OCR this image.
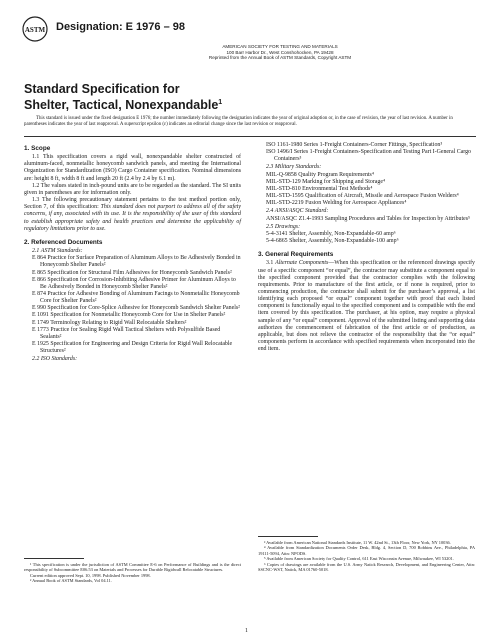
ASTM Designation: E 1976 – 98
AMERICAN SOCIETY FOR TESTING AND MATERIALS
100 Barr Harbor Dr., West Conshohocken, PA 19428
Reprinted from the Annual Book of ASTM Standards, Copyright ASTM
Standard Specification for
Shelter, Tactical, Nonexpandable$^1$
This standard is issued under the fixed designation E 1976; the number immediately following the designation indicates the year of original adoption or, in the case of revision, the year of last revision. A number in parentheses indicates the year of last reapproval. A superscript epsilon (ε) indicates an editorial change since the last revision or reapproval.
1. Scope

1.1 This specification covers a rigid wall, nonexpandable shelter constructed of aluminum-faced, nonmetallic honeycomb sandwich panels, and meeting the International Organization for Standardization (ISO) Cargo Container specification. Nominal dimensions are: height 8 ft, width 8 ft and length 20 ft (2.4 by 2.4 by 6.1 m).

1.2 The values stated in inch-pound units are to be regarded as the standard. The SI units given in parentheses are for information only.

1.3 The following precautionary statement pertains to the test method portion only, Section 7, of this specification: This standard does not purport to address all of the safety concerns, if any, associated with its use. It is the responsibility of the user of this standard to establish appropriate safety and health practices and determine the applicability of regulatory limitations prior to use.

2. Referenced Documents
2.1 ASTM Standards:
E 864 Practice for Surface Preparation of Aluminum Alloys to Be Adhesively Bonded in Honeycomb Shelter Panels²
E 865 Specification for Structural Film Adhesives for Honeycomb Sandwich Panels²
E 866 Specification for Corrosion-Inhibiting Adhesive Primer for Aluminum Alloys to Be Adhesively Bonded in Honeycomb Shelter Panels²
E 874 Practice for Adhesive Bonding of Aluminum Facings to Nonmetallic Honeycomb Core for Shelter Panels²
E 990 Specification for Core-Splice Adhesive for Honeycomb Sandwich Shelter Panels²
E 1091 Specification for Nonmetallic Honeycomb Core for Use in Shelter Panels²
E 1749 Terminology Relating to Rigid Wall Relocatable Shelters²
E 1773 Practice for Sealing Rigid Wall Tactical Shelters with Polysulfide Based Sealants²
E 1925 Specification for Engineering and Design Criteria for Rigid Wall Relocatable Structures²
2.2 ISO Standards:

¹ This specification is under the jurisdiction of ASTM Committee E-6 on Performance of Buildings and is the direct responsibility of Subcommittee E06.53 on Materials and Processes for Durable Rigidwall Relocatable Structures.

Current edition approved Sept. 10, 1998. Published November 1998.

² Annual Book of ASTM Standards, Vol 04.11.

ISO 1161-1980 Series 1-Freight Containers-Corner Fittings, Specification³
ISO 1496/I Series 1-Freight Containers-Specification and Testing Part I-General Cargo Containers³
2.3 Military Standards:
MIL-Q-9858 Quality Program Requirements⁴
MIL-STD-129 Marking for Shipping and Storage⁴
MIL-STD-810 Environmental Test Methods⁴
MIL-STD-1595 Qualification of Aircraft, Missile and Aerospace Fusion Welders⁴
MIL-STD-2219 Fusion Welding for Aerospace Appliances⁴
2.4 ANSI/ASQC Standard:
ANSI/ASQC Z1.4-1993 Sampling Procedures and Tables for Inspection by Attributes⁵
2.5 Drawings:
5-4-3141 Shelter, Assembly, Non-Expandable-60 amp⁶
5-4-6865 Shelter, Assembly, Non-Expandable-100 amp⁶
3. General Requirements

3.1 Alternate Components—When this specification or the referenced drawings specify use of a specific component “or equal”, the contractor may substitute a component equal to the specified component provided that the contractor complies with the following requirements. Prior to manufacture of the first article, or if none is required, prior to commencing production, the contractor shall submit for the purchaser’s approval, a list identifying each proposed “or equal” component together with proof that each listed component is functionally equal to the specified component and is compatible with the end item covered by this specification. The purchaser, at his option, may require a physical sample of any “or equal” component. Approval of the submitted listing and supporting data authorizes the commencement of fabrication of the first article or of production, as applicable, but does not relieve the contractor of the responsibility that the “or equal” components perform in accordance with specified requirements when incorporated into the end item.

³ Available from American National Standards Institute, 11 W. 42nd St., 13th Floor, New York, NY 10036.

⁴ Available from Standardization Documents Order Desk, Bldg. 4, Section D, 700 Robbins Ave., Philadelphia, PA 19111-5094, Attn: NPODS.

⁵ Available from American Society for Quality Control, 611 East Wisconsin Avenue, Milwaukee, WI 53201.

⁶ Copies of drawings are available from the U.S. Army Natick Research, Development, and Engineering Center, Attn: SSCNC-WST, Natick, MA 01760-5018.

1
